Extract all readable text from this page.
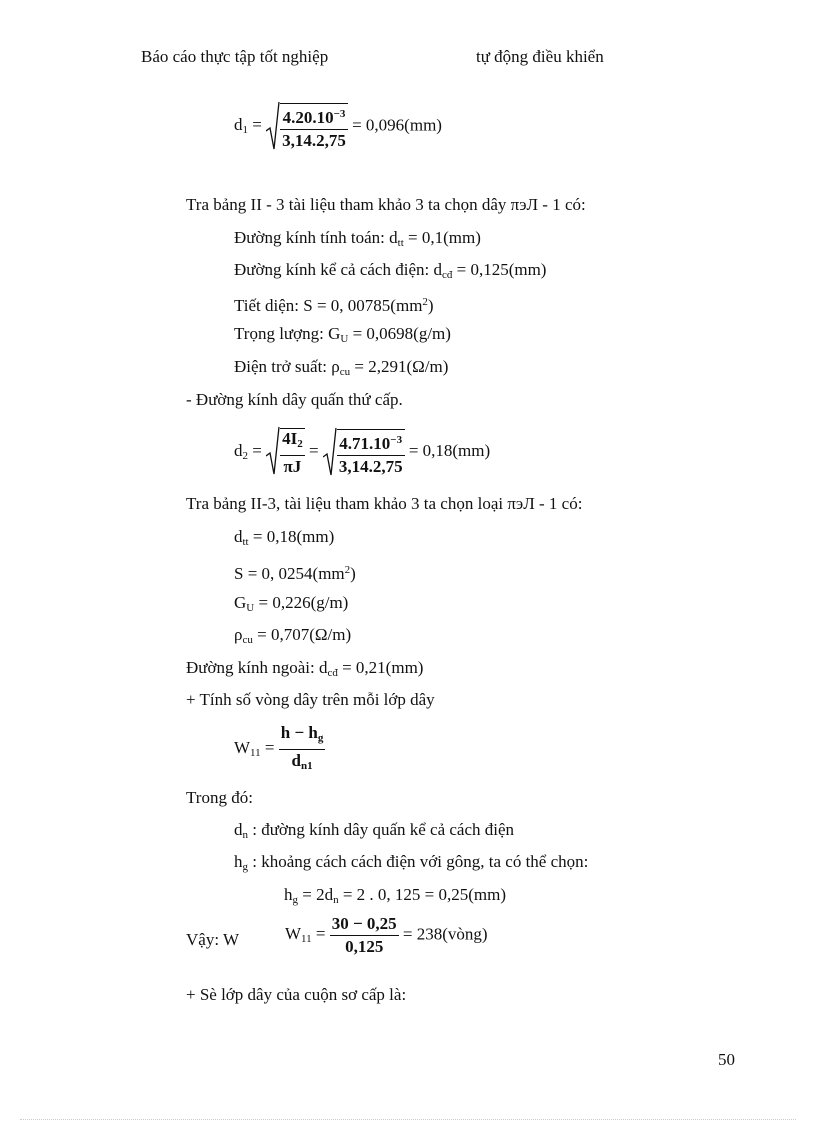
Báo cáo thực tập tốt nghiệp	tự động điều khiển
$d_1 = \frac{4.20.10^{-3}}{3,14.2,75} = 0,096(mm)$
Tra bảng II - 3 tài liệu tham khảo 3 ta chọn dây πэЛ - 1 có:
Đường kính tính toán: $d_{tt} = 0,1(mm)$
Đường kính kể cả cách điện: $d_{cđ} = 0,125(mm)$
Tiết diện: S = 0, $00785(mm^2)$
Trọng lượng: $G_U = 0,0698(g/m)$
Điện trở suất: $\rho_{cu} = 2,291(\Omega/m)$
- Đường kính dây quấn thứ cấp.
$d_2 = \frac{4I_2}{\pi J} = \frac{4.71.10^{-3}}{3,14.2,75} = 0,18(mm)$
Tra bảng II-3, tài liệu tham khảo 3 ta chọn loại πэЛ - 1 có:
$d_{tt} = 0,18(mm)$
S = 0, $0254(mm^2)$
$G_U = 0,226(g/m)$
$\rho_{cu} = 0,707(\Omega/m)$
Đường kính ngoài: $d_{cđ} = 0,21(mm)$
+ Tính số vòng dây trên mỗi lớp dây
$W_{11} = \frac{h - h_g}{d_{n1}}$
Trong đó:
$d_n$ : đường kính dây quấn kể cả cách điện
$h_g$ : khoảng cách cách điện với gông, ta có thể chọn:
$h_g = 2d_n = 2$ . 0, 125 = 0,25(mm)
Vậy: W	$W_{11} = \frac{30 - 0,25}{0,125}$ = 238(vòng)
+ Sè lớp dây của cuộn sơ cấp là:
50
